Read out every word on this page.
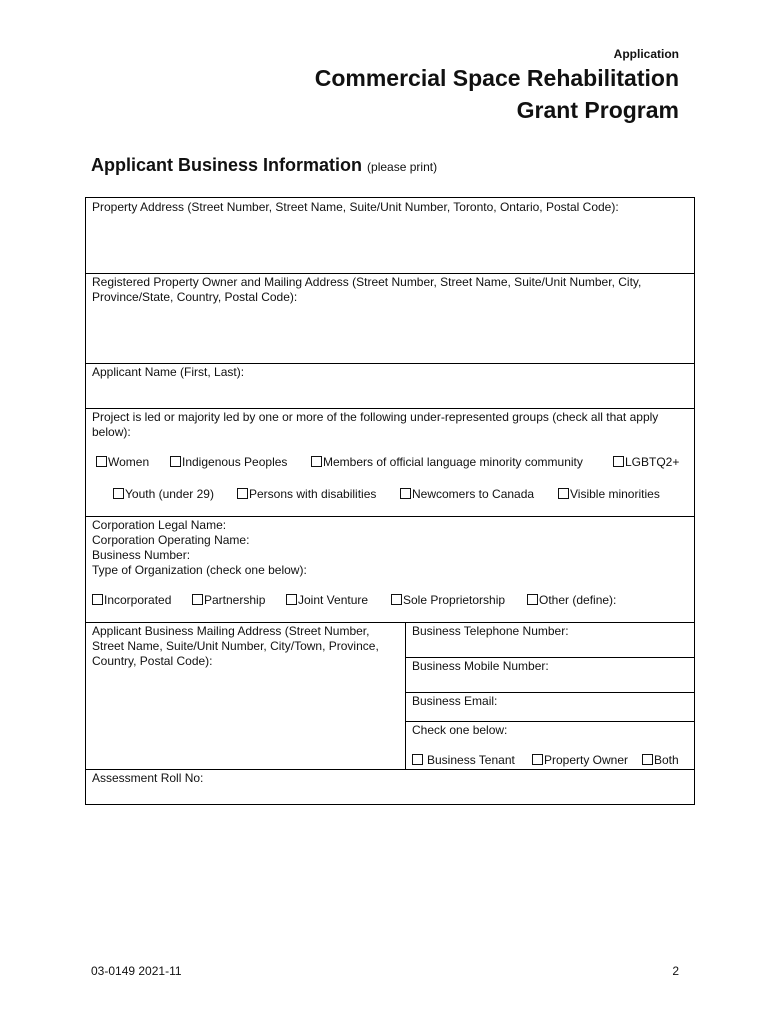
Application
Commercial Space Rehabilitation
Grant Program
Applicant Business Information (please print)
Property Address (Street Number, Street Name, Suite/Unit Number, Toronto, Ontario, Postal Code):
Registered Property Owner and Mailing Address (Street Number, Street Name, Suite/Unit Number, City,
Province/State, Country, Postal Code):
Applicant Name (First, Last):
Project is led or majority led by one or more of the following under-represented groups (check all that apply
below):
Women	Indigenous Peoples	Members of official language minority community	LGBTQ2+
Youth (under 29)	Persons with disabilities	Newcomers to Canada	Visible minorities
Corporation Legal Name:
Corporation Operating Name:
Business Number:
Type of Organization (check one below):
Incorporated	Partnership	Joint Venture	Sole Proprietorship	Other (define):
Applicant Business Mailing Address (Street Number,
Street Name, Suite/Unit Number, City/Town, Province,
Country, Postal Code):
Business Telephone Number:
Business Mobile Number:
Business Email:
Check one below:
Business Tenant	Property Owner	Both
Assessment Roll No:
03-0149 2021-11	2
